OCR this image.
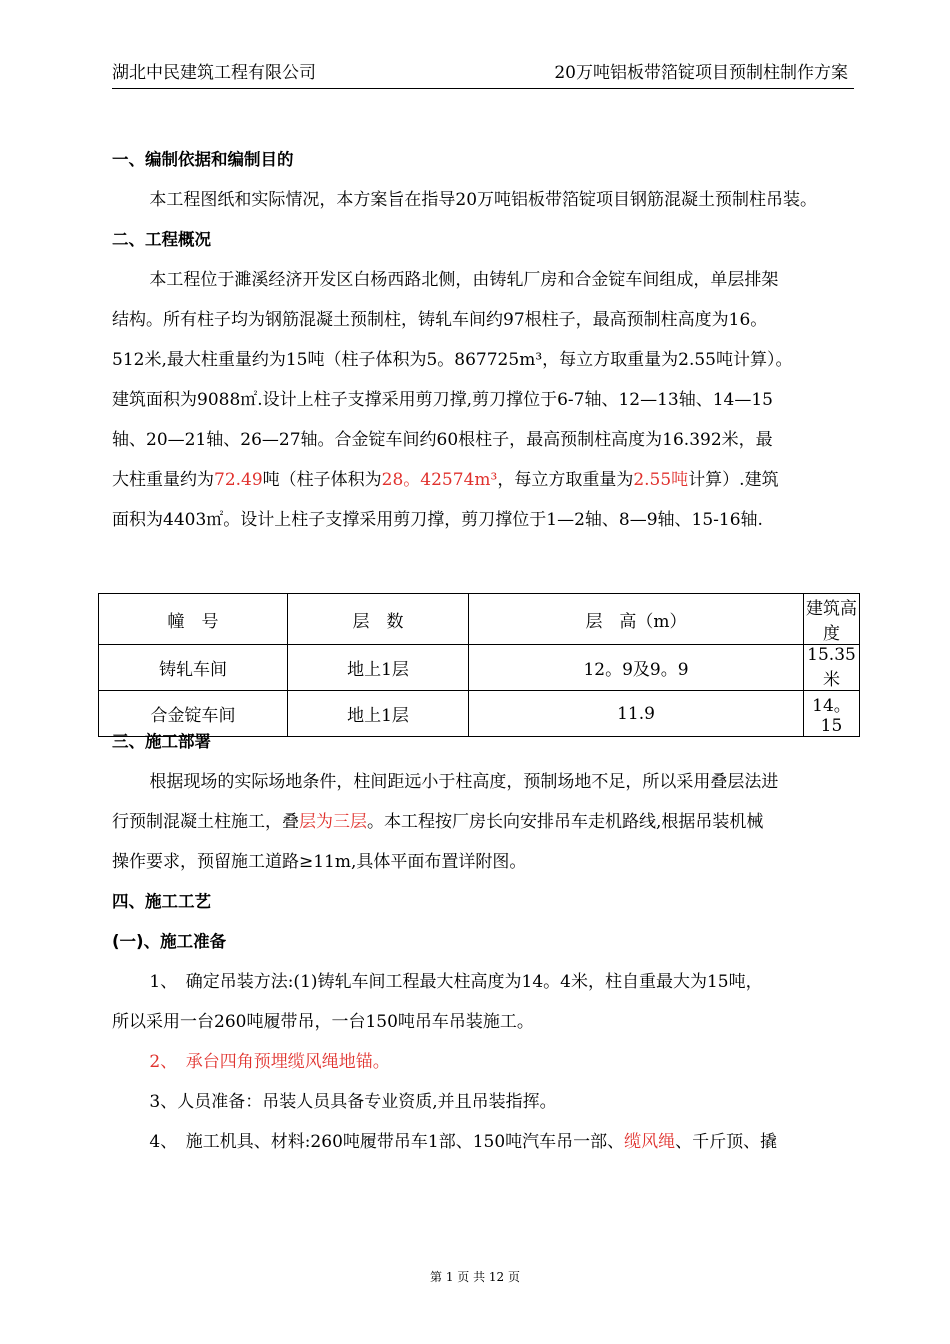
湖北中民建筑工程有限公司	20万吨铝板带箔锭项目预制柱制作方案
一、编制依据和编制目的
本工程图纸和实际情况，本方案旨在指导20万吨铝板带箔锭项目钢筋混凝土预制柱吊装。
二、工程概况
本工程位于濉溪经济开发区白杨西路北侧，由铸轧厂房和合金锭车间组成，单层排架
结构。所有柱子均为钢筋混凝土预制柱，铸轧车间约97根柱子，最高预制柱高度为16。
512米,最大柱重量约为15吨（柱子体积为5。867725m³，每立方取重量为2.55吨计算）。
建筑面积为9088㎡.设计上柱子支撑采用剪刀撑,剪刀撑位于6-7轴、12—13轴、14—15
轴、20—21轴、26—27轴。合金锭车间约60根柱子，最高预制柱高度为16.392米，最
大柱重量约为72.49吨（柱子体积为28。42574m³，每立方取重量为2.55吨计算）.建筑
面积为4403㎡。设计上柱子支撑采用剪刀撑，剪刀撑位于1—2轴、8—9轴、15-16轴.
幢　号	层　数	层　高（m）	建筑高度
铸轧车间	地上1层	12。9及9。9	15.35米
合金锭车间	地上1层	11.9	14。15
三、施工部署
根据现场的实际场地条件，柱间距远小于柱高度，预制场地不足，所以采用叠层法进
行预制混凝土柱施工，叠层为三层。本工程按厂房长向安排吊车走机路线,根据吊装机械
操作要求，预留施工道路≥11m,具体平面布置详附图。
四、施工工艺
(一)、施工准备
1、　确定吊装方法:(1)铸轧车间工程最大柱高度为14。4米，柱自重最大为15吨，
所以采用一台260吨履带吊，一台150吨吊车吊装施工。
2、　承台四角预埋缆风绳地锚。
3、人员准备：吊装人员具备专业资质,并且吊装指挥。
4、　施工机具、材料:260吨履带吊车1部、150吨汽车吊一部、缆风绳、千斤顶、撬
第 1 页 共 12 页
